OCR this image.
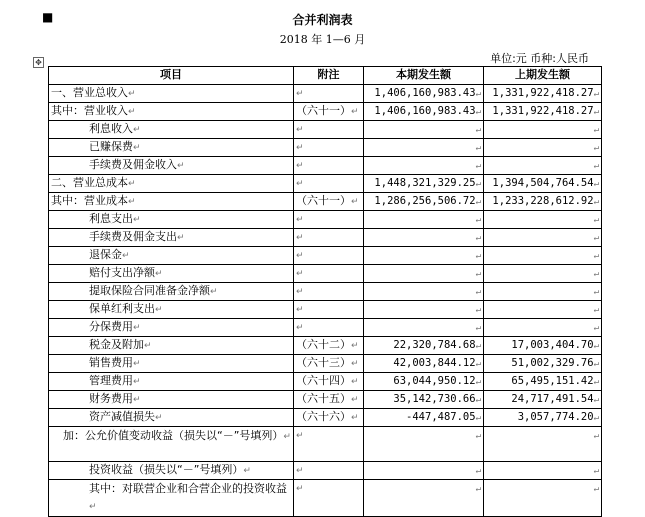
■	合并利润表
2018 年 1—6 月
单位:元 币种:人民币
✥
项目	附注	本期发生额	上期发生额
一、营业总收入↵	↵	1,406,160,983.43↵	1,331,922,418.27↵
其中：营业收入↵	（六十一）↵	1,406,160,983.43↵	1,331,922,418.27↵
利息收入↵	↵	↵	↵
已赚保费↵	↵	↵	↵
手续费及佣金收入↵	↵	↵	↵
二、营业总成本↵	↵	1,448,321,329.25↵	1,394,504,764.54↵
其中：营业成本↵	（六十一）↵	1,286,256,506.72↵	1,233,228,612.92↵
利息支出↵	↵	↵	↵
手续费及佣金支出↵	↵	↵	↵
退保金↵	↵	↵	↵
赔付支出净额↵	↵	↵	↵
提取保险合同准备金净额↵	↵	↵	↵
保单红利支出↵	↵	↵	↵
分保费用↵	↵	↵	↵
税金及附加↵	（六十二）↵	22,320,784.68↵	17,003,404.70↵
销售费用↵	（六十三）↵	42,003,844.12↵	51,002,329.76↵
管理费用↵	（六十四）↵	63,044,950.12↵	65,495,151.42↵
财务费用↵	（六十五）↵	35,142,730.66↵	24,717,491.54↵
资产减值损失↵	（六十六）↵	-447,487.05↵	3,057,774.20↵
加：公允价值变动收益（损失以“－”号填列）↵	↵	↵	↵
投资收益（损失以“－”号填列）↵	↵	↵	↵
其中：对联营企业和合营企业的投资收益↵	↵	↵	↵
